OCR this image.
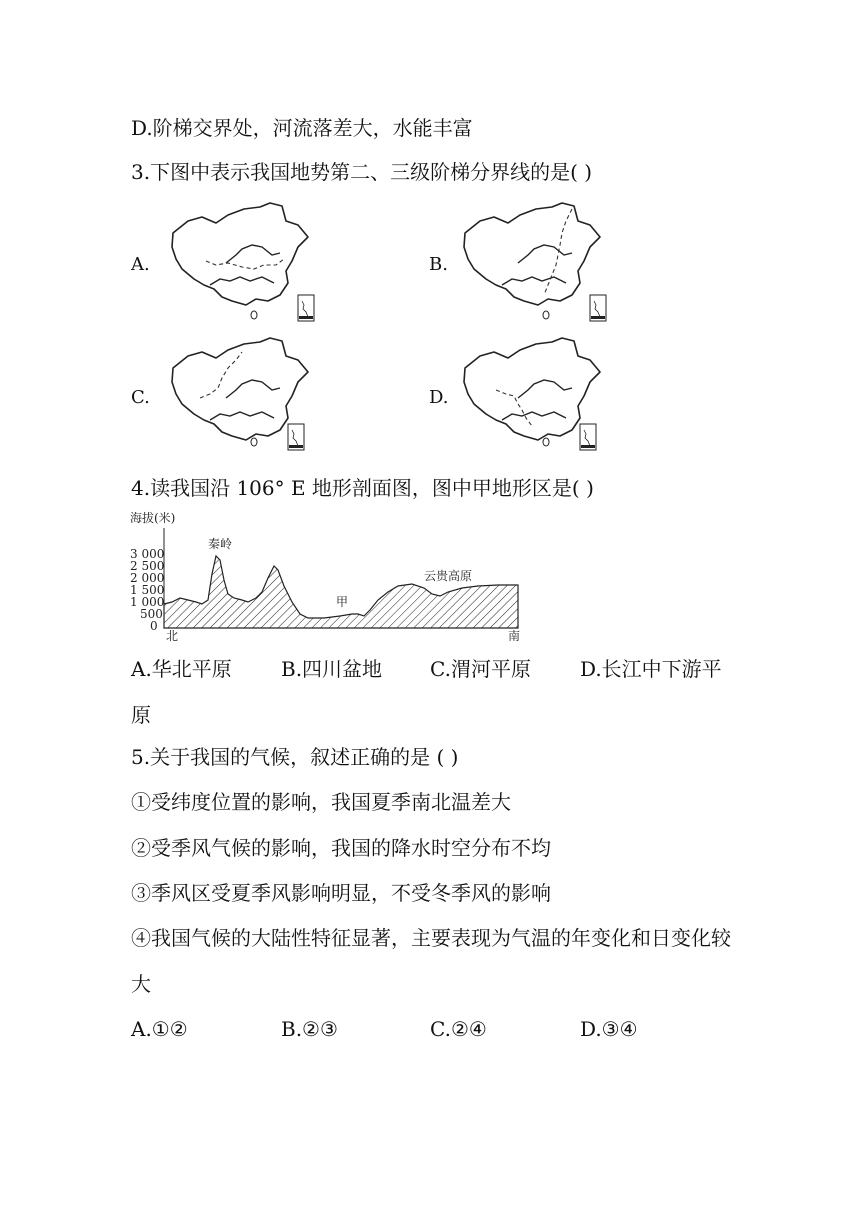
D.阶梯交界处，河流落差大，水能丰富
3.下图中表示我国地势第二、三级阶梯分界线的是( )
A.	B.
C.	D.
4.读我国沿 106° E 地形剖面图，图中甲地形区是( )
海拔(米)
3 000
2 500
2 000
1 500
1 000
500
0
秦岭
云贵高原
甲
北	南
A.华北平原 B.四川盆地 C.渭河平原 D.长江中下游平
原
5.关于我国的气候，叙述正确的是 ( )
①受纬度位置的影响，我国夏季南北温差大
②受季风气候的影响，我国的降水时空分布不均
③季风区受夏季风影响明显，不受冬季风的影响
④我国气候的大陆性特征显著，主要表现为气温的年变化和日变化较
大
A.①②	B.②③	C.②④	D.③④
